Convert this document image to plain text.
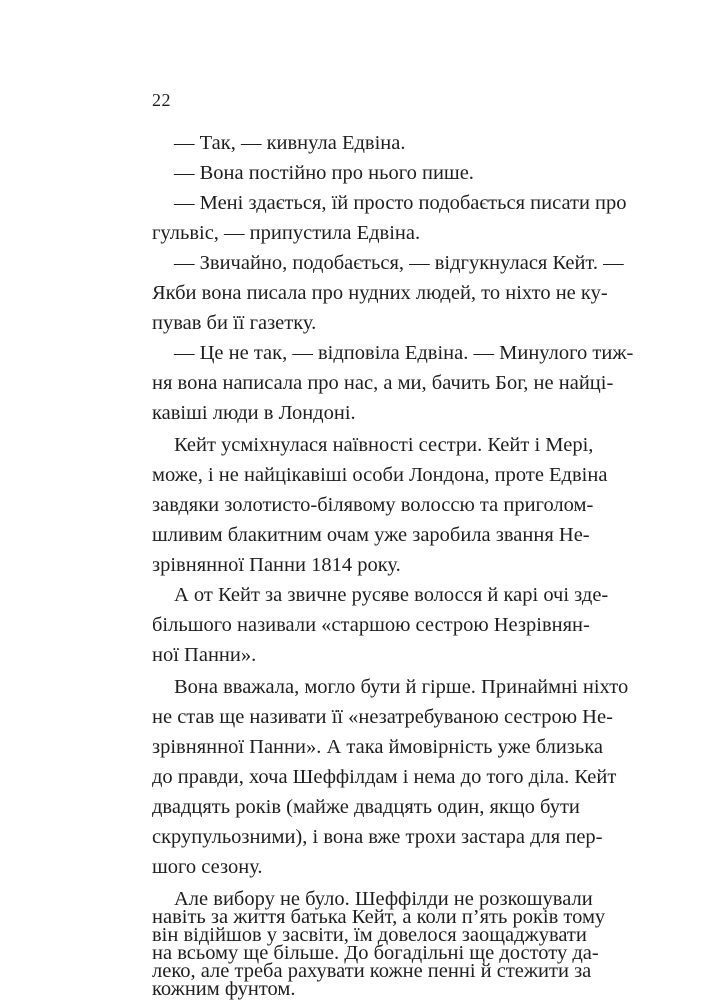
22
— Так, — кивнула Едвіна.
— Вона постійно про нього пише.
— Мені здається, їй просто подобається писати про
гульвіс, — припустила Едвіна.
— Звичайно, подобається, — відгукнулася Кейт. —
Якби вона писала про нудних людей, то ніхто не ку-
пував би її газетку.
— Це не так, — відповіла Едвіна. — Минулого тиж-
ня вона написала про нас, а ми, бачить Бог, не найці-
кавіші люди в Лондоні.
Кейт усміхнулася наївності сестри. Кейт і Мері,
може, і не найцікавіші особи Лондона, проте Едвіна
завдяки золотисто-білявому волоссю та приголом-
шливим блакитним очам уже заробила звання Не-
зрівнянної Панни 1814 року.
А от Кейт за звичне русяве волосся й карі очі здe-
більшого називали «старшою сестрою Незрівнян-
ної Панни».
Вона вважала, могло бути й гірше. Принаймні ніхто
не став ще називати її «незатребуваною сестрою Не-
зрівнянної Панни». А така ймовірність уже близька
до правди, хоча Шеффілдам і нема до того діла. Кейт
двадцять років (майже двадцять один, якщо бути
скрупульозними), і вона вже трохи застара для пер-
шого сезону.
Але вибору не було. Шеффілди не розкошували
навіть за життя батька Кейт, а коли п’ять років тому
він відійшов у засвіти, їм довелося заощаджувати
на всьому ще більше. До богадільні ще достоту да-
леко, але треба рахувати кожне пенні й стежити за
кожним фунтом.
